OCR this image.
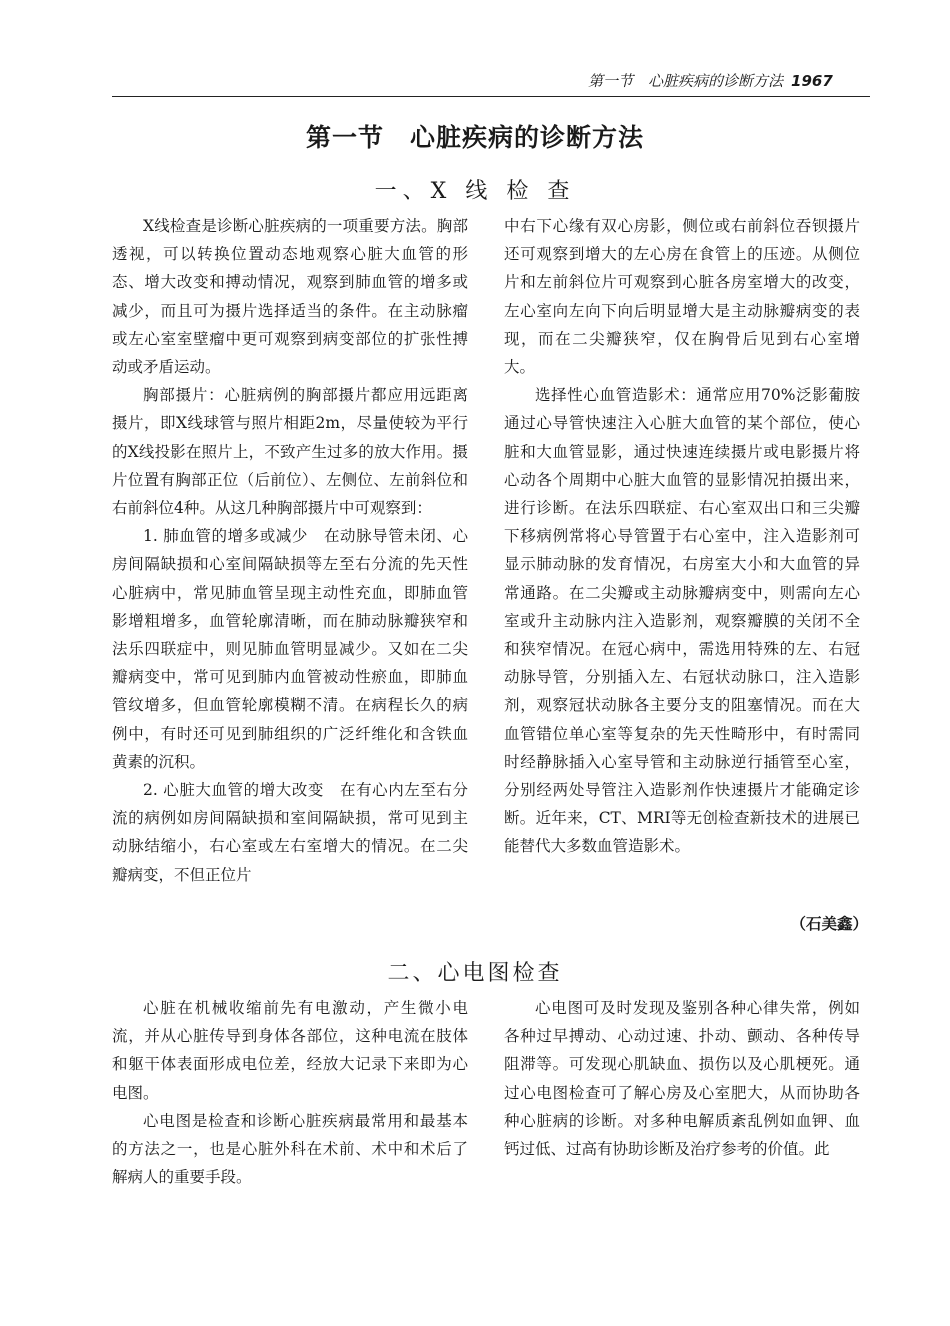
第一节　心脏疾病的诊断方法 1967
第一节　心脏疾病的诊断方法
一、X 线 检 查

X线检查是诊断心脏疾病的一项重要方法。胸部透视，可以转换位置动态地观察心脏大血管的形态、增大改变和搏动情况，观察到肺血管的增多或减少，而且可为摄片选择适当的条件。在主动脉瘤或左心室室壁瘤中更可观察到病变部位的扩张性搏动或矛盾运动。

胸部摄片：心脏病例的胸部摄片都应用远距离摄片，即X线球管与照片相距2m，尽量使较为平行的X线投影在照片上，不致产生过多的放大作用。摄片位置有胸部正位（后前位）、左侧位、左前斜位和右前斜位4种。从这几种胸部摄片中可观察到：

1. 肺血管的增多或减少　在动脉导管未闭、心房间隔缺损和心室间隔缺损等左至右分流的先天性心脏病中，常见肺血管呈现主动性充血，即肺血管影增粗增多，血管轮廓清晰，而在肺动脉瓣狭窄和法乐四联症中，则见肺血管明显减少。又如在二尖瓣病变中，常可见到肺内血管被动性瘀血，即肺血管纹增多，但血管轮廓模糊不清。在病程长久的病例中，有时还可见到肺组织的广泛纤维化和含铁血黄素的沉积。

2. 心脏大血管的增大改变　在有心内左至右分流的病例如房间隔缺损和室间隔缺损，常可见到主动脉结缩小，右心室或左右室增大的情况。在二尖瓣病变，不但正位片

中右下心缘有双心房影，侧位或右前斜位吞钡摄片还可观察到增大的左心房在食管上的压迹。从侧位片和左前斜位片可观察到心脏各房室增大的改变，左心室向左向下向后明显增大是主动脉瓣病变的表现，而在二尖瓣狭窄，仅在胸骨后见到右心室增大。

选择性心血管造影术：通常应用70%泛影葡胺通过心导管快速注入心脏大血管的某个部位，使心脏和大血管显影，通过快速连续摄片或电影摄片将心动各个周期中心脏大血管的显影情况拍摄出来，进行诊断。在法乐四联症、右心室双出口和三尖瓣下移病例常将心导管置于右心室中，注入造影剂可显示肺动脉的发育情况，右房室大小和大血管的异常通路。在二尖瓣或主动脉瓣病变中，则需向左心室或升主动脉内注入造影剂，观察瓣膜的关闭不全和狭窄情况。在冠心病中，需选用特殊的左、右冠动脉导管，分别插入左、右冠状动脉口，注入造影剂，观察冠状动脉各主要分支的阻塞情况。而在大血管错位单心室等复杂的先天性畸形中，有时需同时经静脉插入心室导管和主动脉逆行插管至心室，分别经两处导管注入造影剂作快速摄片才能确定诊断。近年来，CT、MRI等无创检查新技术的进展已能替代大多数血管造影术。

（石美鑫）
二、心电图检查

心脏在机械收缩前先有电激动，产生微小电流，并从心脏传导到身体各部位，这种电流在肢体和躯干体表面形成电位差，经放大记录下来即为心电图。

心电图是检查和诊断心脏疾病最常用和最基本的方法之一，也是心脏外科在术前、术中和术后了解病人的重要手段。

心电图可及时发现及鉴别各种心律失常，例如各种过早搏动、心动过速、扑动、颤动、各种传导阻滞等。可发现心肌缺血、损伤以及心肌梗死。通过心电图检查可了解心房及心室肥大，从而协助各种心脏病的诊断。对多种电解质紊乱例如血钾、血钙过低、过高有协助诊断及治疗参考的价值。此
